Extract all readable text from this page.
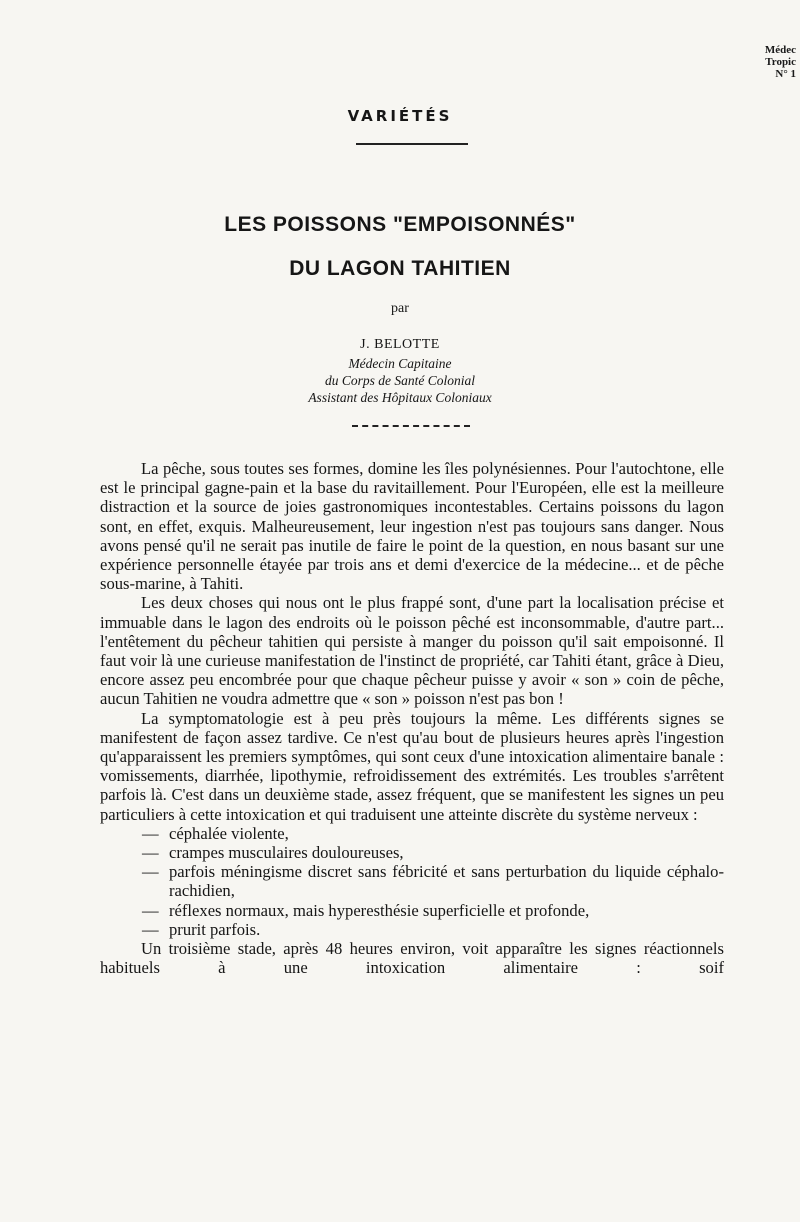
Médec
Tropic
N° 1
VARIÉTÉS
LES POISSONS "EMPOISONNÉS"
DU LAGON TAHITIEN
par
J. BELOTTE
Médecin Capitaine
du Corps de Santé Colonial
Assistant des Hôpitaux Coloniaux

La pêche, sous toutes ses formes, domine les îles polynésiennes. Pour l'autochtone, elle est le principal gagne-pain et la base du ravitaillement. Pour l'Européen, elle est la meilleure distraction et la source de joies gastronomiques incontestables. Certains poissons du lagon sont, en effet, exquis. Malheureusement, leur ingestion n'est pas toujours sans danger. Nous avons pensé qu'il ne serait pas inutile de faire le point de la question, en nous basant sur une expérience personnelle étayée par trois ans et demi d'exercice de la médecine... et de pêche sous-marine, à Tahiti.

Les deux choses qui nous ont le plus frappé sont, d'une part la localisation précise et immuable dans le lagon des endroits où le poisson pêché est inconsommable, d'autre part... l'entêtement du pêcheur tahitien qui persiste à manger du poisson qu'il sait empoisonné. Il faut voir là une curieuse manifestation de l'instinct de propriété, car Tahiti étant, grâce à Dieu, encore assez peu encombrée pour que chaque pêcheur puisse y avoir « son » coin de pêche, aucun Tahitien ne voudra admettre que « son » poisson n'est pas bon !

La symptomatologie est à peu près toujours la même. Les différents signes se manifestent de façon assez tardive. Ce n'est qu'au bout de plusieurs heures après l'ingestion qu'apparaissent les premiers symptômes, qui sont ceux d'une intoxication alimentaire banale : vomissements, diarrhée, lipothymie, refroidissement des extrémités. Les troubles s'arrêtent parfois là. C'est dans un deuxième stade, assez fréquent, que se manifestent les signes un peu particuliers à cette intoxication et qui traduisent une atteinte discrète du système nerveux :

— céphalée violente,
— crampes musculaires douloureuses,
— parfois méningisme discret sans fébricité et sans perturbation du liquide céphalo-rachidien,
— réflexes normaux, mais hyperesthésie superficielle et profonde,
— prurit parfois.

Un troisième stade, après 48 heures environ, voit apparaître les signes réactionnels habituels à une intoxication alimentaire : soif
